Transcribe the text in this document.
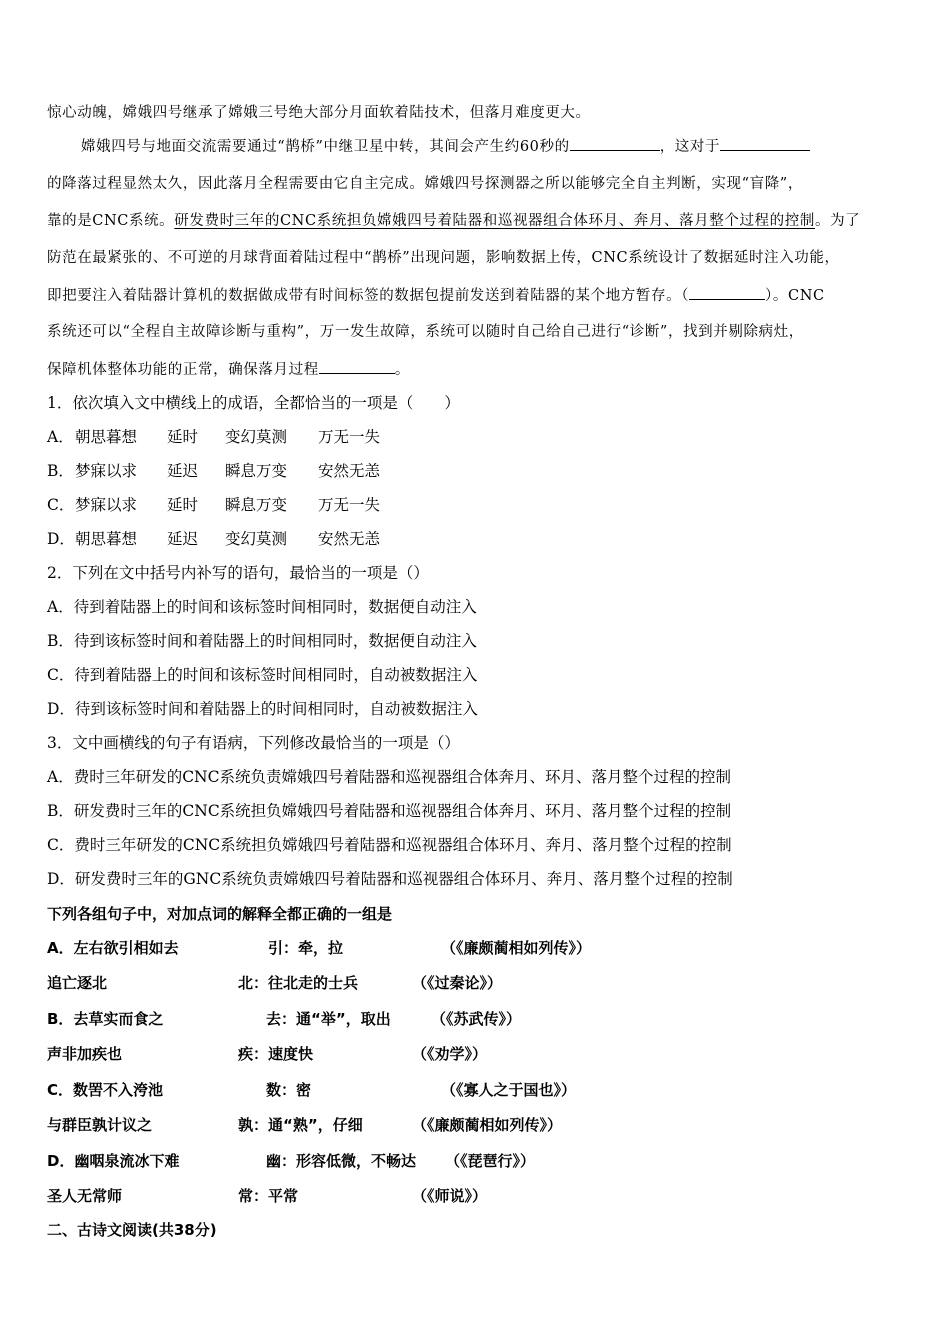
惊心动魄，嫦娥四号继承了嫦娥三号绝大部分月面软着陆技术，但落月难度更大。
嫦娥四号与地面交流需要通过“鹊桥”中继卫星中转，其间会产生约60秒的	，这对于
的降落过程显然太久，因此落月全程需要由它自主完成。嫦娥四号探测器之所以能够完全自主判断，实现“盲降”，
靠的是CNC系统。研发费时三年的CNC系统担负嫦娥四号着陆器和巡视器组合体环月、奔月、落月整个过程的控制。为了
防范在最紧张的、不可逆的月球背面着陆过程中“鹊桥”出现问题，影响数据上传，CNC系统设计了数据延时注入功能，
即把要注入着陆器计算机的数据做成带有时间标签的数据包提前发送到着陆器的某个地方暂存。（	）。CNC
系统还可以“全程自主故障诊断与重构”，万一发生故障，系统可以随时自己给自己进行“诊断”，找到并剔除病灶，
保障机体整体功能的正常，确保落月过程	。
1．依次填入文中横线上的成语，全都恰当的一项是（　　）
A． 朝思暮想 延时 变幻莫测 万无一失
B． 梦寐以求 延迟 瞬息万变 安然无恙
C． 梦寐以求 延时 瞬息万变 万无一失
D． 朝思暮想 延迟 变幻莫测 安然无恙
2．下列在文中括号内补写的语句，最恰当的一项是（）
A．待到着陆器上的时间和该标签时间相同时，数据便自动注入
B．待到该标签时间和着陆器上的时间相同时，数据便自动注入
C．待到着陆器上的时间和该标签时间相同时，自动被数据注入
D．待到该标签时间和着陆器上的时间相同时，自动被数据注入
3．文中画横线的句子有语病，下列修改最恰当的一项是（）
A．费时三年研发的CNC系统负责嫦娥四号着陆器和巡视器组合体奔月、环月、落月整个过程的控制
B．研发费时三年的CNC系统担负嫦娥四号着陆器和巡视器组合体奔月、环月、落月整个过程的控制
C．费时三年研发的CNC系统担负嫦娥四号着陆器和巡视器组合体环月、奔月、落月整个过程的控制
D．研发费时三年的GNC系统负责嫦娥四号着陆器和巡视器组合体环月、奔月、落月整个过程的控制
下列各组句子中，对加点词的解释全都正确的一组是
A．左右欲引相如去	引：牵，拉	（《廉颇蔺相如列传》）
追亡逐北	北：往北走的士兵	（《过秦论》）
B．去草实而食之	去：通“举”，取出	（《苏武传》）
声非加疾也	疾：速度快	（《劝学》）
C．数罟不入洿池	数：密	（《寡人之于国也》）
与群臣孰计议之	孰：通“熟”，仔细	（《廉颇蔺相如列传》）
D．幽咽泉流冰下难	幽：形容低微，不畅达 （《琵琶行》）
圣人无常师	常：平常	（《师说》）
二、古诗文阅读(共38分)
